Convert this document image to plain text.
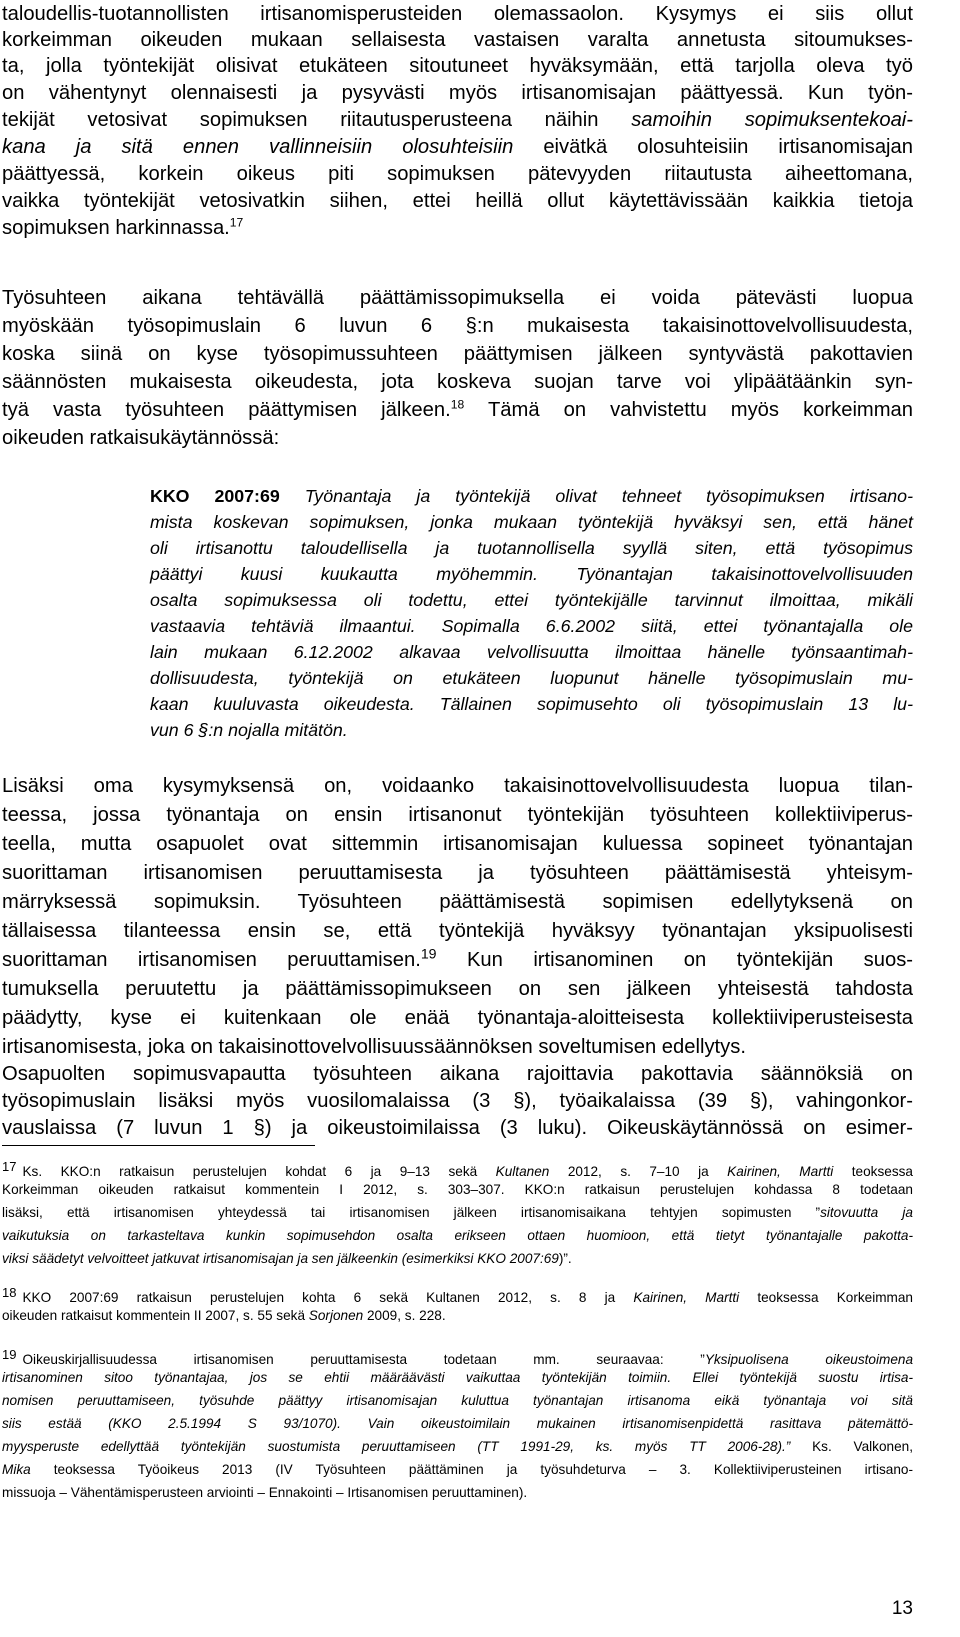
taloudellis-tuotannollisten irtisanomisperusteiden olemassaolon. Kysymys ei siis ollut
korkeimman oikeuden mukaan sellaisesta vastaisen varalta annetusta sitoumukses-
ta, jolla työntekijät olisivat etukäteen sitoutuneet hyväksymään, että tarjolla oleva työ
on vähentynyt olennaisesti ja pysyvästi myös irtisanomisajan päättyessä. Kun työn-
tekijät vetosivat sopimuksen riitautusperusteena näihin samoihin sopimuksentekoai-
kana ja sitä ennen vallinneisiin olosuhteisiin eivätkä olosuhteisiin irtisanomisajan
päättyessä, korkein oikeus piti sopimuksen pätevyyden riitautusta aiheettomana,
vaikka työntekijät vetosivatkin siihen, ettei heillä ollut käytettävissään kaikkia tietoja
sopimuksen harkinnassa.$^{17}$
Työsuhteen aikana tehtävällä päättämissopimuksella ei voida pätevästi luopua
myöskään työsopimuslain 6 luvun 6 §:n mukaisesta takaisinottovelvollisuudesta,
koska siinä on kyse työsopimussuhteen päättymisen jälkeen syntyvästä pakottavien
säännösten mukaisesta oikeudesta, jota koskeva suojan tarve voi ylipäätäänkin syn-
tyä vasta työsuhteen päättymisen jälkeen.$^{18}$ Tämä on vahvistettu myös korkeimman
oikeuden ratkaisukäytännössä:
KKO 2007:69 Työnantaja ja työntekijä olivat tehneet työsopimuksen irtisano-
mista koskevan sopimuksen, jonka mukaan työntekijä hyväksyi sen, että hänet
oli irtisanottu taloudellisella ja tuotannollisella syyllä siten, että työsopimus
päättyi kuusi kuukautta myöhemmin. Työnantajan takaisinottovelvollisuuden
osalta sopimuksessa oli todettu, ettei työntekijälle tarvinnut ilmoittaa, mikäli
vastaavia tehtäviä ilmaantui. Sopimalla 6.6.2002 siitä, ettei työnantajalla ole
lain mukaan 6.12.2002 alkavaa velvollisuutta ilmoittaa hänelle työnsaantimah-
dollisuudesta, työntekijä on etukäteen luopunut hänelle työsopimuslain mu-
kaan kuuluvasta oikeudesta. Tällainen sopimusehto oli työsopimuslain 13 lu-
vun 6 §:n nojalla mitätön.
Lisäksi oma kysymyksensä on, voidaanko takaisinottovelvollisuudesta luopua tilan-
teessa, jossa työnantaja on ensin irtisanonut työntekijän työsuhteen kollektiiviperus-
teella, mutta osapuolet ovat sittemmin irtisanomisajan kuluessa sopineet työnantajan
suorittaman irtisanomisen peruuttamisesta ja työsuhteen päättämisestä yhteisym-
märryksessä sopimuksin. Työsuhteen päättämisestä sopimisen edellytyksenä on
tällaisessa tilanteessa ensin se, että työntekijä hyväksyy työnantajan yksipuolisesti
suorittaman irtisanomisen peruuttamisen.$^{19}$ Kun irtisanominen on työntekijän suos-
tumuksella peruutettu ja päättämissopimukseen on sen jälkeen yhteisestä tahdosta
päädytty, kyse ei kuitenkaan ole enää työnantaja-aloitteisesta kollektiiviperusteisesta
irtisanomisesta, joka on takaisinottovelvollisuussäännöksen soveltumisen edellytys.
Osapuolten sopimusvapautta työsuhteen aikana rajoittavia pakottavia säännöksiä on
työsopimuslain lisäksi myös vuosilomalaissa (3 §), työaikalaissa (39 §), vahingonkor-
vauslaissa (7 luvun 1 §) ja oikeustoimilaissa (3 luku). Oikeuskäytännössä on esimer-
17 Ks. KKO:n ratkaisun perustelujen kohdat 6 ja 9–13 sekä Kultanen 2012, s. 7–10 ja Kairinen, Martti teoksessa
Korkeimman oikeuden ratkaisut kommentein I 2012, s. 303–307. KKO:n ratkaisun perustelujen kohdassa 8 todetaan
lisäksi, että irtisanomisen yhteydessä tai irtisanomisen jälkeen irtisanomisaikana tehtyjen sopimusten ”sitovuutta ja
vaikutuksia on tarkasteltava kunkin sopimusehdon osalta erikseen ottaen huomioon, että tietyt työnantajalle pakotta-
viksi säädetyt velvoitteet jatkuvat irtisanomisajan ja sen jälkeenkin (esimerkiksi KKO 2007:69)”.
18 KKO 2007:69 ratkaisun perustelujen kohta 6 sekä Kultanen 2012, s. 8 ja Kairinen, Martti teoksessa Korkeimman
oikeuden ratkaisut kommentein II 2007, s. 55 sekä Sorjonen 2009, s. 228.
19 Oikeuskirjallisuudessa irtisanomisen peruuttamisesta todetaan mm. seuraavaa: ”Yksipuolisena oikeustoimena
irtisanominen sitoo työnantajaa, jos se ehtii määräävästi vaikuttaa työntekijän toimiin. Ellei työntekijä suostu irtisa-
nomisen peruuttamiseen, työsuhde päättyy irtisanomisajan kuluttua työnantajan irtisanoma eikä työnantaja voi sitä
siis estää (KKO 2.5.1994 S 93/1070). Vain oikeustoimilain mukainen irtisanomisenpidettä rasittava pätemättö-
myysperuste edellyttää työntekijän suostumista peruuttamiseen (TT 1991-29, ks. myös TT 2006-28).” Ks. Valkonen,
Mika teoksessa Työoikeus 2013 (IV Työsuhteen päättäminen ja työsuhdeturva – 3. Kollektiiviperusteinen irtisano-
missuoja – Vähentämisperusteen arviointi – Ennakointi – Irtisanomisen peruuttaminen).
13
